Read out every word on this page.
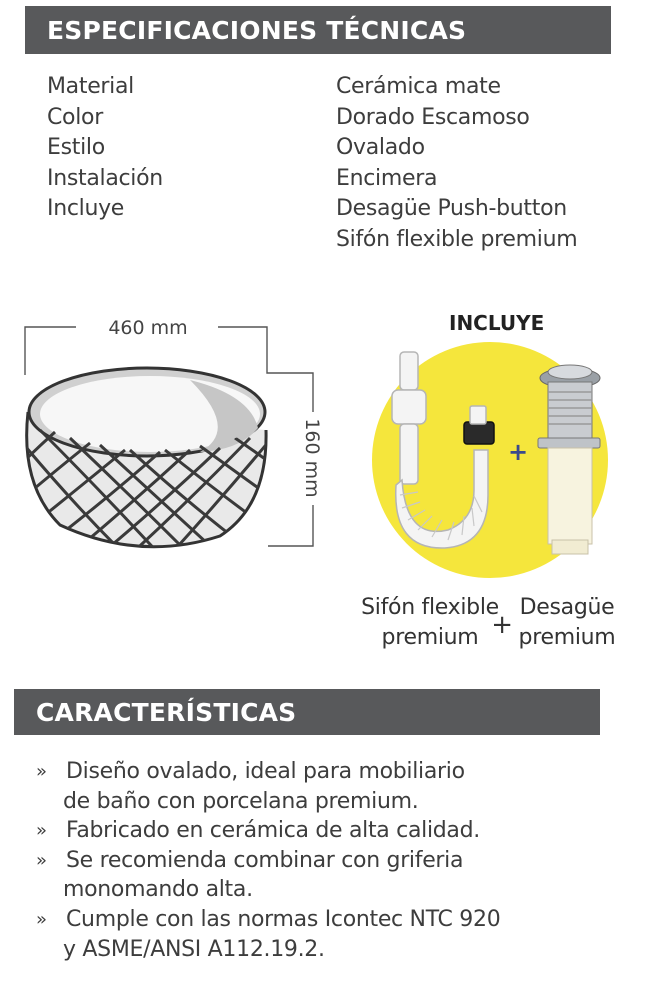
ESPECIFICACIONES TÉCNICAS
Material
Color
Estilo
Instalación
Incluye
Cerámica mate
Dorado Escamoso
Ovalado
Encimera
Desagüe Push-button
Sifón flexible premium
460 mm
160 mm
INCLUYE
+
Sifón flexible
premium +
Desagüe
premium
CARACTERÍSTICAS
» Diseño ovalado, ideal para mobiliario
de baño con porcelana premium.
» Fabricado en cerámica de alta calidad.
» Se recomienda combinar con griferia
monomando alta.
» Cumple con las normas Icontec NTC 920
y ASME/ANSI A112.19.2.
